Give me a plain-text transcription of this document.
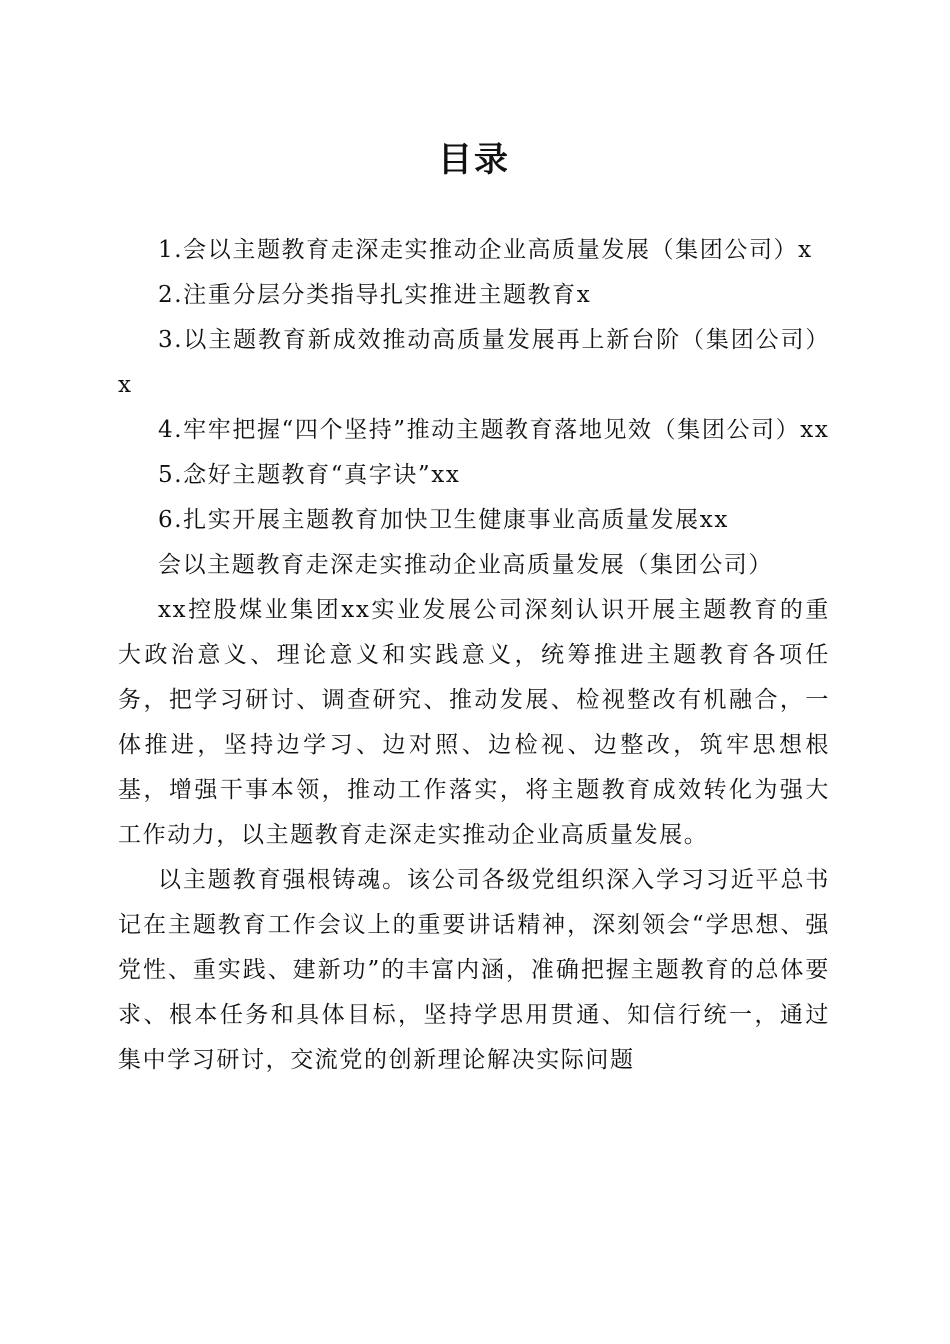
目录

1.会以主题教育走深走实推动企业高质量发展（集团公司）x

2.注重分层分类指导扎实推进主题教育x

3.以主题教育新成效推动高质量发展再上新台阶（集团公司）x

4.牢牢把握“四个坚持”推动主题教育落地见效（集团公司）xx

5.念好主题教育“真字诀”xx

6.扎实开展主题教育加快卫生健康事业高质量发展xx

会以主题教育走深走实推动企业高质量发展（集团公司）

xx控股煤业集团xx实业发展公司深刻认识开展主题教育的重大政治意义、理论意义和实践意义，统筹推进主题教育各项任务，把学习研讨、调查研究、推动发展、检视整改有机融合，一体推进，坚持边学习、边对照、边检视、边整改，筑牢思想根基，增强干事本领，推动工作落实，将主题教育成效转化为强大工作动力，以主题教育走深走实推动企业高质量发展。

以主题教育强根铸魂。该公司各级党组织深入学习习近平总书记在主题教育工作会议上的重要讲话精神，深刻领会“学思想、强党性、重实践、建新功”的丰富内涵，准确把握主题教育的总体要求、根本任务和具体目标，坚持学思用贯通、知信行统一，通过集中学习研讨，交流党的创新理论解决实际问题
